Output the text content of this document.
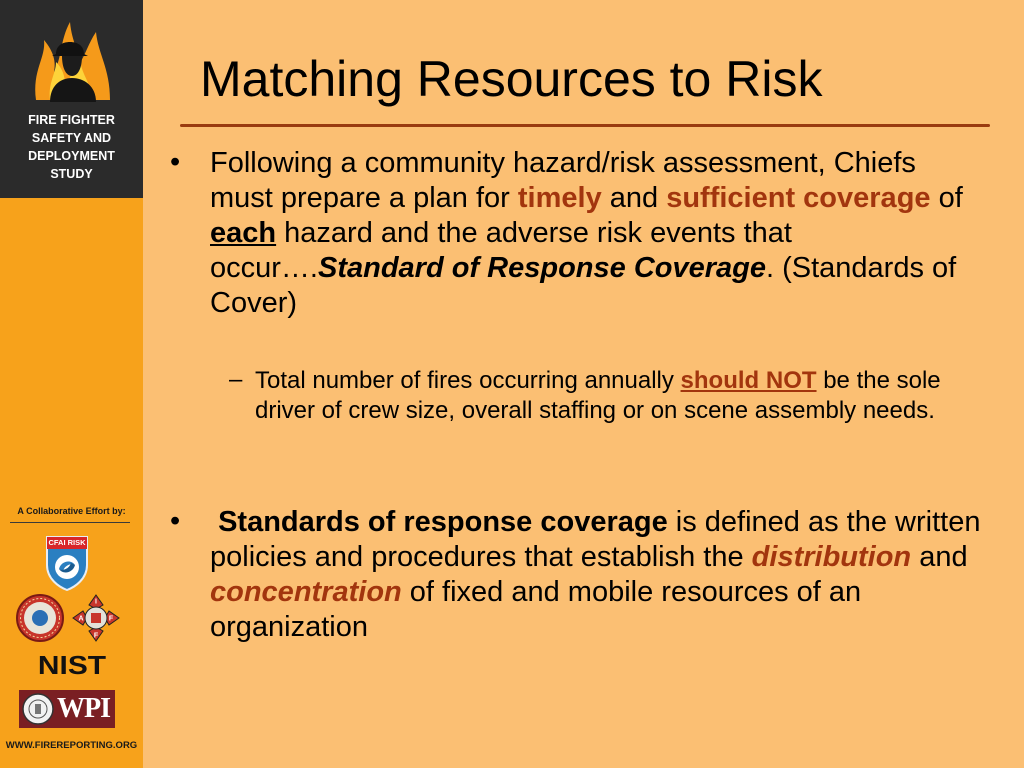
FIRE FIGHTER
SAFETY AND
DEPLOYMENT
STUDY
A Collaborative Effort by:
CFAI RISK
I
A	F
F
NIST
WPI
WWW.FIREREPORTING.ORG
Matching Resources to Risk
• Following a community hazard/risk assessment, Chiefs must prepare a plan for timely and sufficient coverage of each hazard and the adverse risk events that occur….Standard of Response Coverage. (Standards of Cover)
– Total number of fires occurring annually should NOT be the sole driver of crew size, overall staffing or on scene assembly needs.
• Standards of response coverage is defined as the written policies and procedures that establish the distribution and concentration of fixed and mobile resources of an organization
